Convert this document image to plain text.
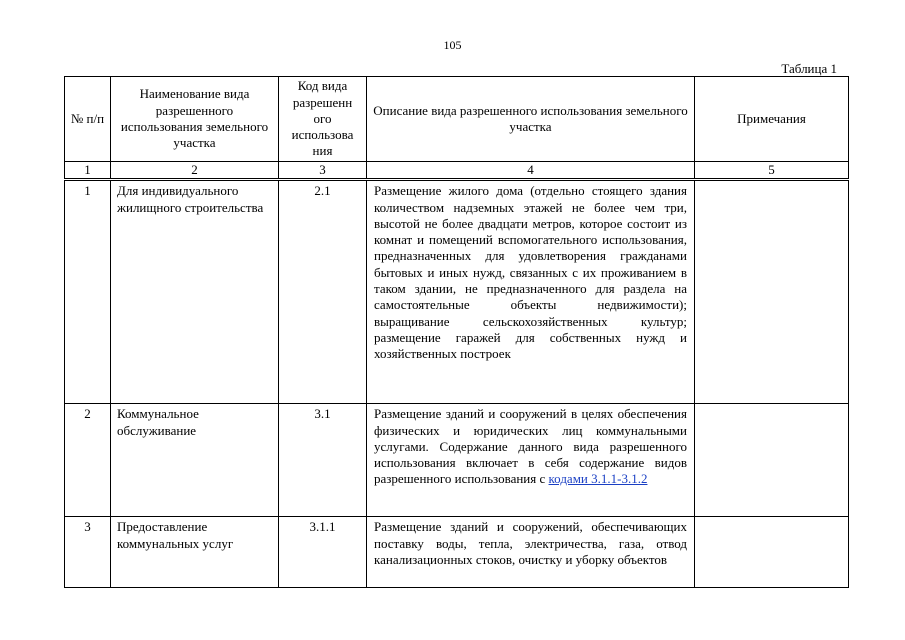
105
Таблица 1
№ п/п	Наименование вида разрешенного использования земельного участка	Код вида разрешенн ого использова ния	Описание вида разрешенного использования земельного участка	Примечания
1	2	3	4	5
1	Для индивидуального жилищного строительства	2.1	Размещение жилого дома (отдельно стоящего здания количеством надземных этажей не более чем три, высотой не более двадцати метров, которое состоит из комнат и помещений вспомогательного использования, предназначенных для удовлетворения гражданами бытовых и иных нужд, связанных с их проживанием в таком здании, не предназначенного для раздела на самостоятельные объекты недвижимости); выращивание сельскохозяйственных культур; размещение гаражей для собственных нужд и хозяйственных построек	
2	Коммунальное обслуживание	3.1	Размещение зданий и сооружений в целях обеспечения физических и юридических лиц коммунальными услугами. Содержание данного вида разрешенного использования включает в себя содержание видов разрешенного использования с кодами 3.1.1-3.1.2	
3	Предоставление коммунальных услуг	3.1.1	Размещение зданий и сооружений, обеспечивающих поставку воды, тепла, электричества, газа, отвод канализационных стоков, очистку и уборку объектов	
